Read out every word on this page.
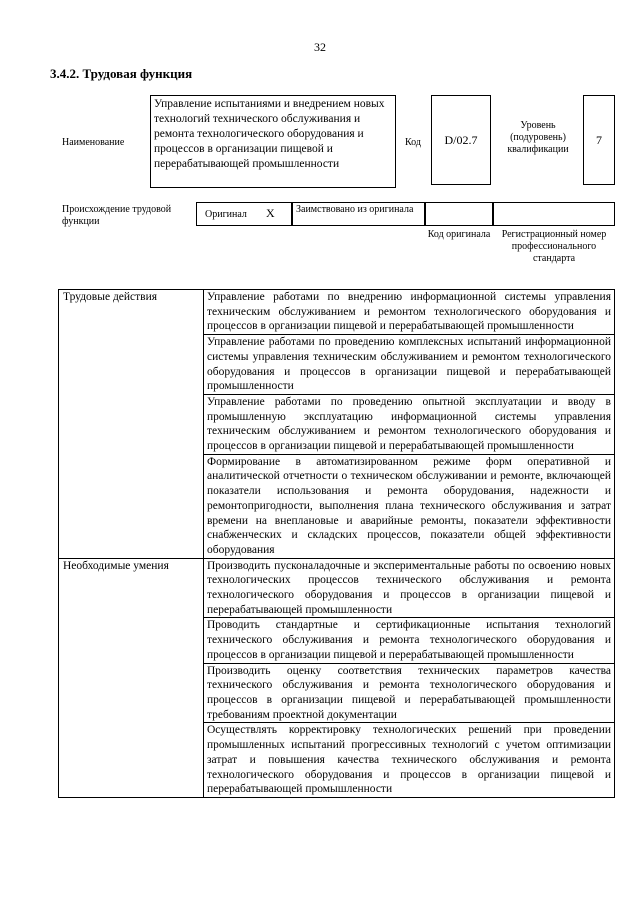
32
3.4.2. Трудовая функция
Наименование
Управление испытаниями и внедрением новых технологий технического обслуживания и ремонта технологического оборудования и процессов в организации пищевой и перерабатывающей промышленности
Код	D/02.7
Уровень (подуровень) квалификации
7
Происхождение трудовой функции
Оригинал	X	Заимствовано из оригинала
Код оригинала	Регистрационный номер профессионального стандарта
Трудовые действия	Управление работами по внедрению информационной системы управления техническим обслуживанием и ремонтом технологического оборудования и процессов в организации пищевой и перерабатывающей промышленности
	Управление работами по проведению комплексных испытаний информационной системы управления техническим обслуживанием и ремонтом технологического оборудования и процессов в организации пищевой и перерабатывающей промышленности
	Управление работами по проведению опытной эксплуатации и вводу в промышленную эксплуатацию информационной системы управления техническим обслуживанием и ремонтом технологического оборудования и процессов в организации пищевой и перерабатывающей промышленности
	Формирование в автоматизированном режиме форм оперативной и аналитической отчетности о техническом обслуживании и ремонте, включающей показатели использования и ремонта оборудования, надежности и ремонтопригодности, выполнения плана технического обслуживания и затрат времени на внеплановые и аварийные ремонты, показатели эффективности снабженческих и складских процессов, показатели общей эффективности оборудования
Необходимые умения	Производить пусконаладочные и экспериментальные работы по освоению новых технологических процессов технического обслуживания и ремонта технологического оборудования и процессов в организации пищевой и перерабатывающей промышленности
	Проводить стандартные и сертификационные испытания технологий технического обслуживания и ремонта технологического оборудования и процессов в организации пищевой и перерабатывающей промышленности
	Производить оценку соответствия технических параметров качества технического обслуживания и ремонта технологического оборудования и процессов в организации пищевой и перерабатывающей промышленности требованиям проектной документации
	Осуществлять корректировку технологических решений при проведении промышленных испытаний прогрессивных технологий с учетом оптимизации затрат и повышения качества технического обслуживания и ремонта технологического оборудования и процессов в организации пищевой и перерабатывающей промышленности
